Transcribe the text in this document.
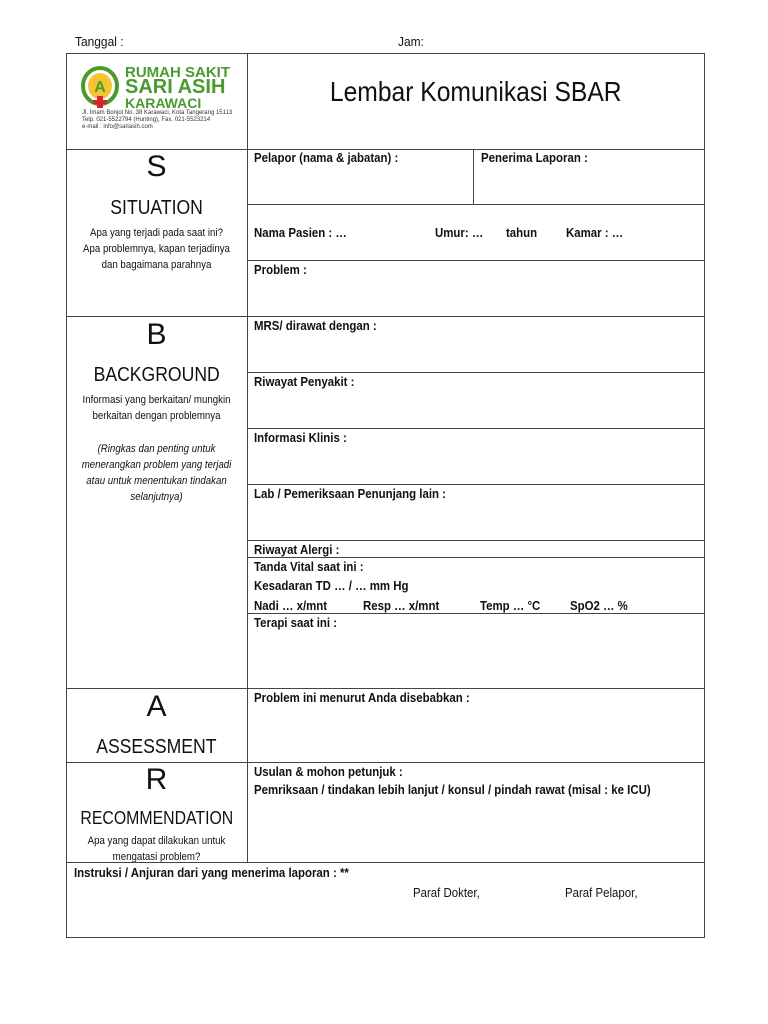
Tanggal :	Jam:
A
RUMAH SAKIT
SARI ASIH
KARAWACI
Jl. Imam Bonjol No. 38 Karawaci, Kota Tangerang 15113
Telp. 021-5522794 (Hunting), Fax. 021-5523214
e-mail : info@sariasih.com
Lembar Komunikasi SBAR
S
SITUATION
Apa yang terjadi pada saat ini?
Apa problemnya, kapan terjadinya
dan bagaimana parahnya
Pelapor (nama & jabatan) :	Penerima Laporan :
Nama Pasien : …	Umur: …	tahun	Kamar : …
Problem :
B
BACKGROUND
Informasi yang berkaitan/ mungkin
berkaitan dengan problemnya
(Ringkas dan penting untuk
menerangkan problem yang terjadi
atau untuk menentukan tindakan
selanjutnya)
MRS/ dirawat dengan :
Riwayat Penyakit :
Informasi Klinis :
Lab / Pemeriksaan Penunjang lain :
Riwayat Alergi :
Tanda Vital saat ini :
Kesadaran TD … / … mm Hg
Nadi … x/mnt	Resp … x/mnt	Temp … °C	SpO2 … %
Terapi saat ini :
A
ASSESSMENT
Problem ini menurut Anda disebabkan :
R
RECOMMENDATION
Apa yang dapat dilakukan untuk
mengatasi problem?
Usulan & mohon petunjuk :
Pemriksaan / tindakan lebih lanjut / konsul / pindah rawat (misal : ke ICU)
Instruksi / Anjuran dari yang menerima laporan : **
Paraf Dokter,	Paraf Pelapor,
